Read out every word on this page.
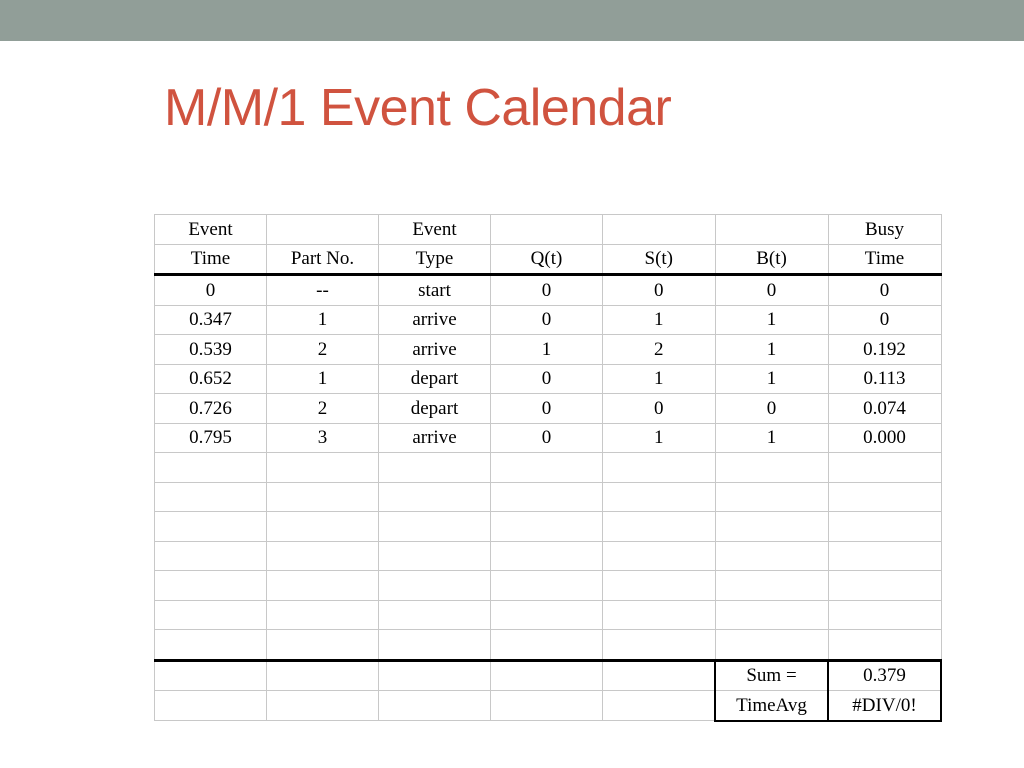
M/M/1 Event Calendar
Event		Event				Busy
Time	Part No.	Type	Q(t)	S(t)	B(t)	Time
0	--	start	0	0	0	0
0.347	1	arrive	0	1	1	0
0.539	2	arrive	1	2	1	0.192
0.652	1	depart	0	1	1	0.113
0.726	2	depart	0	0	0	0.074
0.795	3	arrive	0	1	1	0.000

					Sum =	0.379
					TimeAvg	#DIV/0!
